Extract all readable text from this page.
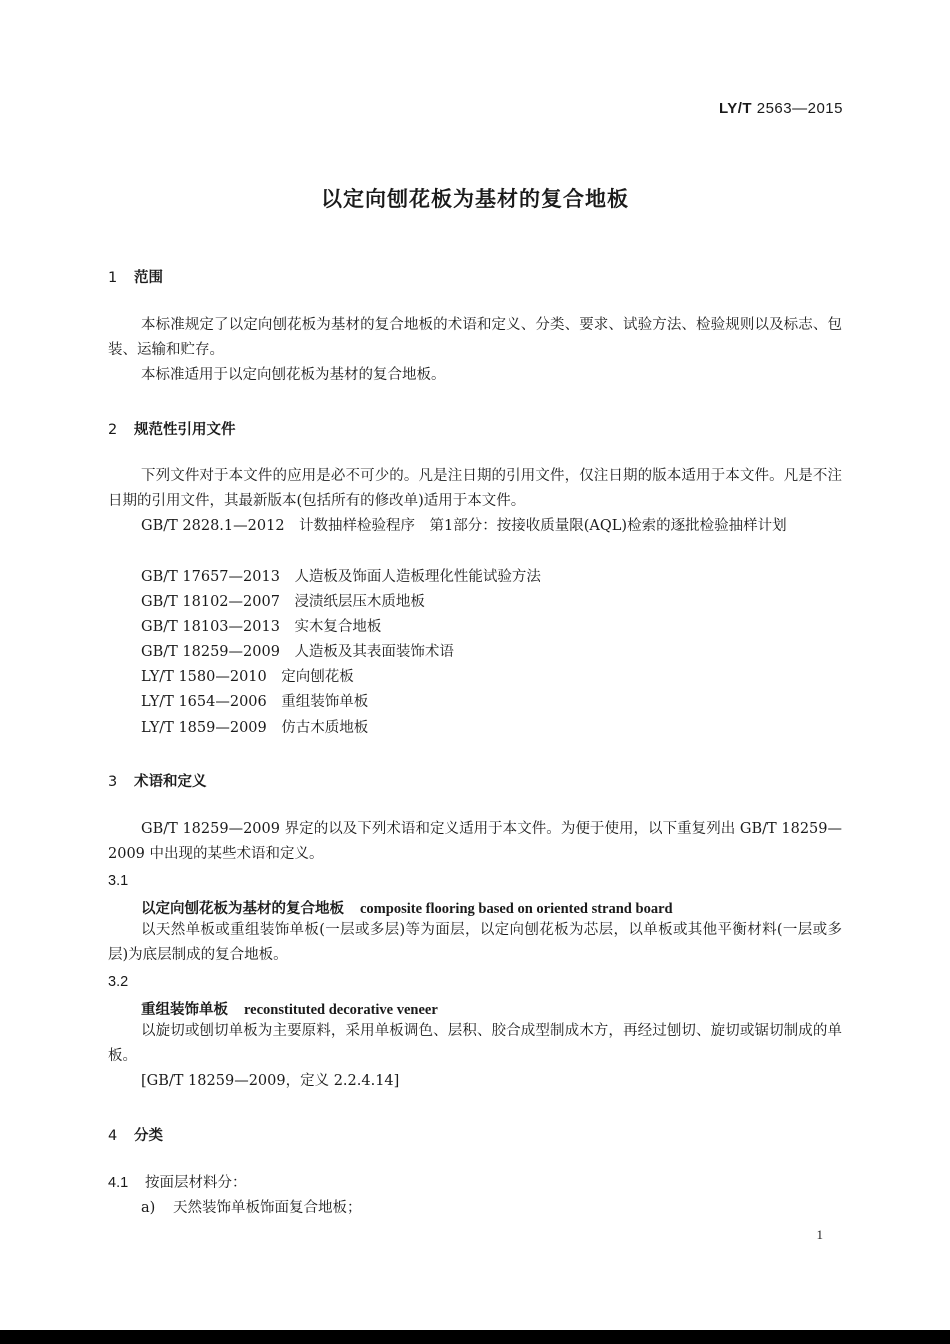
LY/T 2563—2015
以定向刨花板为基材的复合地板
1 范围
本标准规定了以定向刨花板为基材的复合地板的术语和定义、分类、要求、试验方法、检验规则以及标志、包装、运输和贮存。
本标准适用于以定向刨花板为基材的复合地板。
2 规范性引用文件
下列文件对于本文件的应用是必不可少的。凡是注日期的引用文件，仅注日期的版本适用于本文件。凡是不注日期的引用文件，其最新版本(包括所有的修改单)适用于本文件。
GB/T 2828.1—2012　 计数抽样检验程序　第1部分：按接收质量限(AQL)检索的逐批检验抽样计划
GB/T 17657—2013　 人造板及饰面人造板理化性能试验方法
GB/T 18102—2007　 浸渍纸层压木质地板
GB/T 18103—2013　 实木复合地板
GB/T 18259—2009　 人造板及其表面装饰术语
LY/T 1580—2010　 定向刨花板
LY/T 1654—2006　 重组装饰单板
LY/T 1859—2009　 仿古木质地板
3 术语和定义
GB/T 18259—2009 界定的以及下列术语和定义适用于本文件。为便于使用，以下重复列出 GB/T 18259—2009 中出现的某些术语和定义。
3.1
以定向刨花板为基材的复合地板 composite flooring based on oriented strand board
以天然单板或重组装饰单板(一层或多层)等为面层，以定向刨花板为芯层，以单板或其他平衡材料(一层或多层)为底层制成的复合地板。
3.2
重组装饰单板 reconstituted decorative veneer
以旋切或刨切单板为主要原料，采用单板调色、层积、胶合成型制成木方，再经过刨切、旋切或锯切制成的单板。
[GB/T 18259—2009，定义 2.2.4.14]
4 分类
4.1 按面层材料分：
a) 天然装饰单板饰面复合地板；
1
